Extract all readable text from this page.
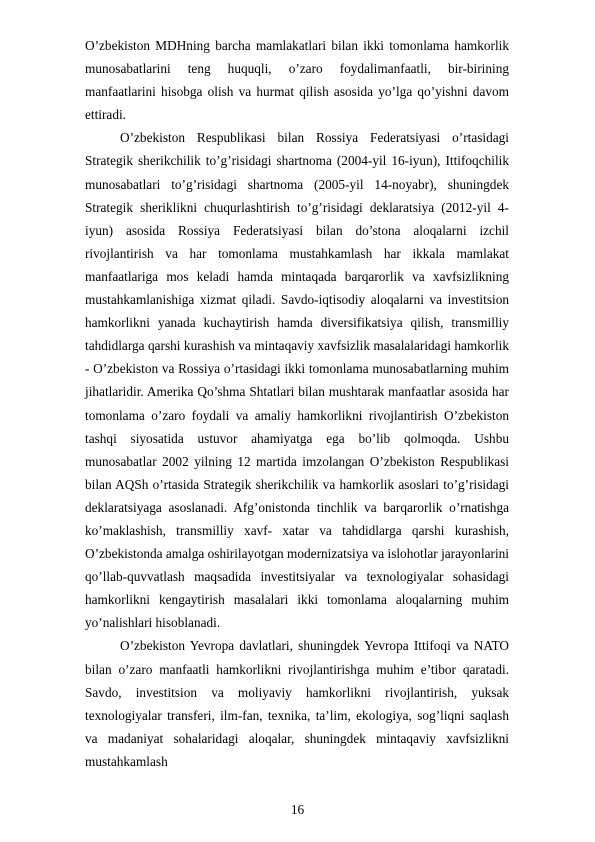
O’zbekiston MDHning barcha mamlakatlari bilan ikki tomonlama hamkorlik munosabatlarini teng huquqli, o’zaro foydalimanfaatli, bir-birining manfaatlarini hisobga olish va hurmat qilish asosida yo’lga qo’yishni davom ettiradi.

O’zbekiston Respublikasi bilan Rossiya Federatsiyasi o’rtasidagi Strategik sherikchilik to’g’risidagi shartnoma (2004-yil 16-iyun), Ittifoqchilik munosabatlari to’g’risidagi shartnoma (2005-yil 14-noyabr), shuningdek Strategik sheriklikni chuqurlashtirish to’g’risidagi deklaratsiya (2012-yil 4-iyun) asosida Rossiya Federatsiyasi bilan do’stona aloqalarni izchil rivojlantirish va har tomonlama mustahkamlash har ikkala mamlakat manfaatlariga mos keladi hamda mintaqada barqarorlik va xavfsizlikning mustahkamlanishiga xizmat qiladi. Savdo-iqtisodiy aloqalarni va investitsion hamkorlikni yanada kuchaytirish hamda diversifikatsiya qilish, transmilliy tahdidlarga qarshi kurashish va mintaqaviy xavfsizlik masalalaridagi hamkorlik - O’zbekiston va Rossiya o’rtasidagi ikki tomonlama munosabatlarning muhim jihatlaridir. Amerika Qo’shma Shtatlari bilan mushtarak manfaatlar asosida har tomonlama o’zaro foydali va amaliy hamkorlikni rivojlantirish O’zbekiston tashqi siyosatida ustuvor ahamiyatga ega bo’lib qolmoqda. Ushbu munosabatlar 2002 yilning 12 martida imzolangan O’zbekiston Respublikasi bilan AQSh o’rtasida Strategik sherikchilik va hamkorlik asoslari to’g’risidagi deklaratsiyaga asoslanadi. Afg’onistonda tinchlik va barqarorlik o’rnatishga ko’maklashish, transmilliy xavf- xatar va tahdidlarga qarshi kurashish, O’zbekistonda amalga oshirilayotgan modernizatsiya va islohotlar jarayonlarini qo’llab-quvvatlash maqsadida investitsiyalar va texnologiyalar sohasidagi hamkorlikni kengaytirish masalalari ikki tomonlama aloqalarning muhim yo’nalishlari hisoblanadi.

O’zbekiston Yevropa davlatlari, shuningdek Yevropa Ittifoqi va NATO bilan o’zaro manfaatli hamkorlikni rivojlantirishga muhim e’tibor qaratadi. Savdo, investitsion va moliyaviy hamkorlikni rivojlantirish, yuksak texnologiyalar transferi, ilm-fan, texnika, ta’lim, ekologiya, sog’liqni saqlash va madaniyat sohalaridagi aloqalar, shuningdek mintaqaviy xavfsizlikni mustahkamlash

16
